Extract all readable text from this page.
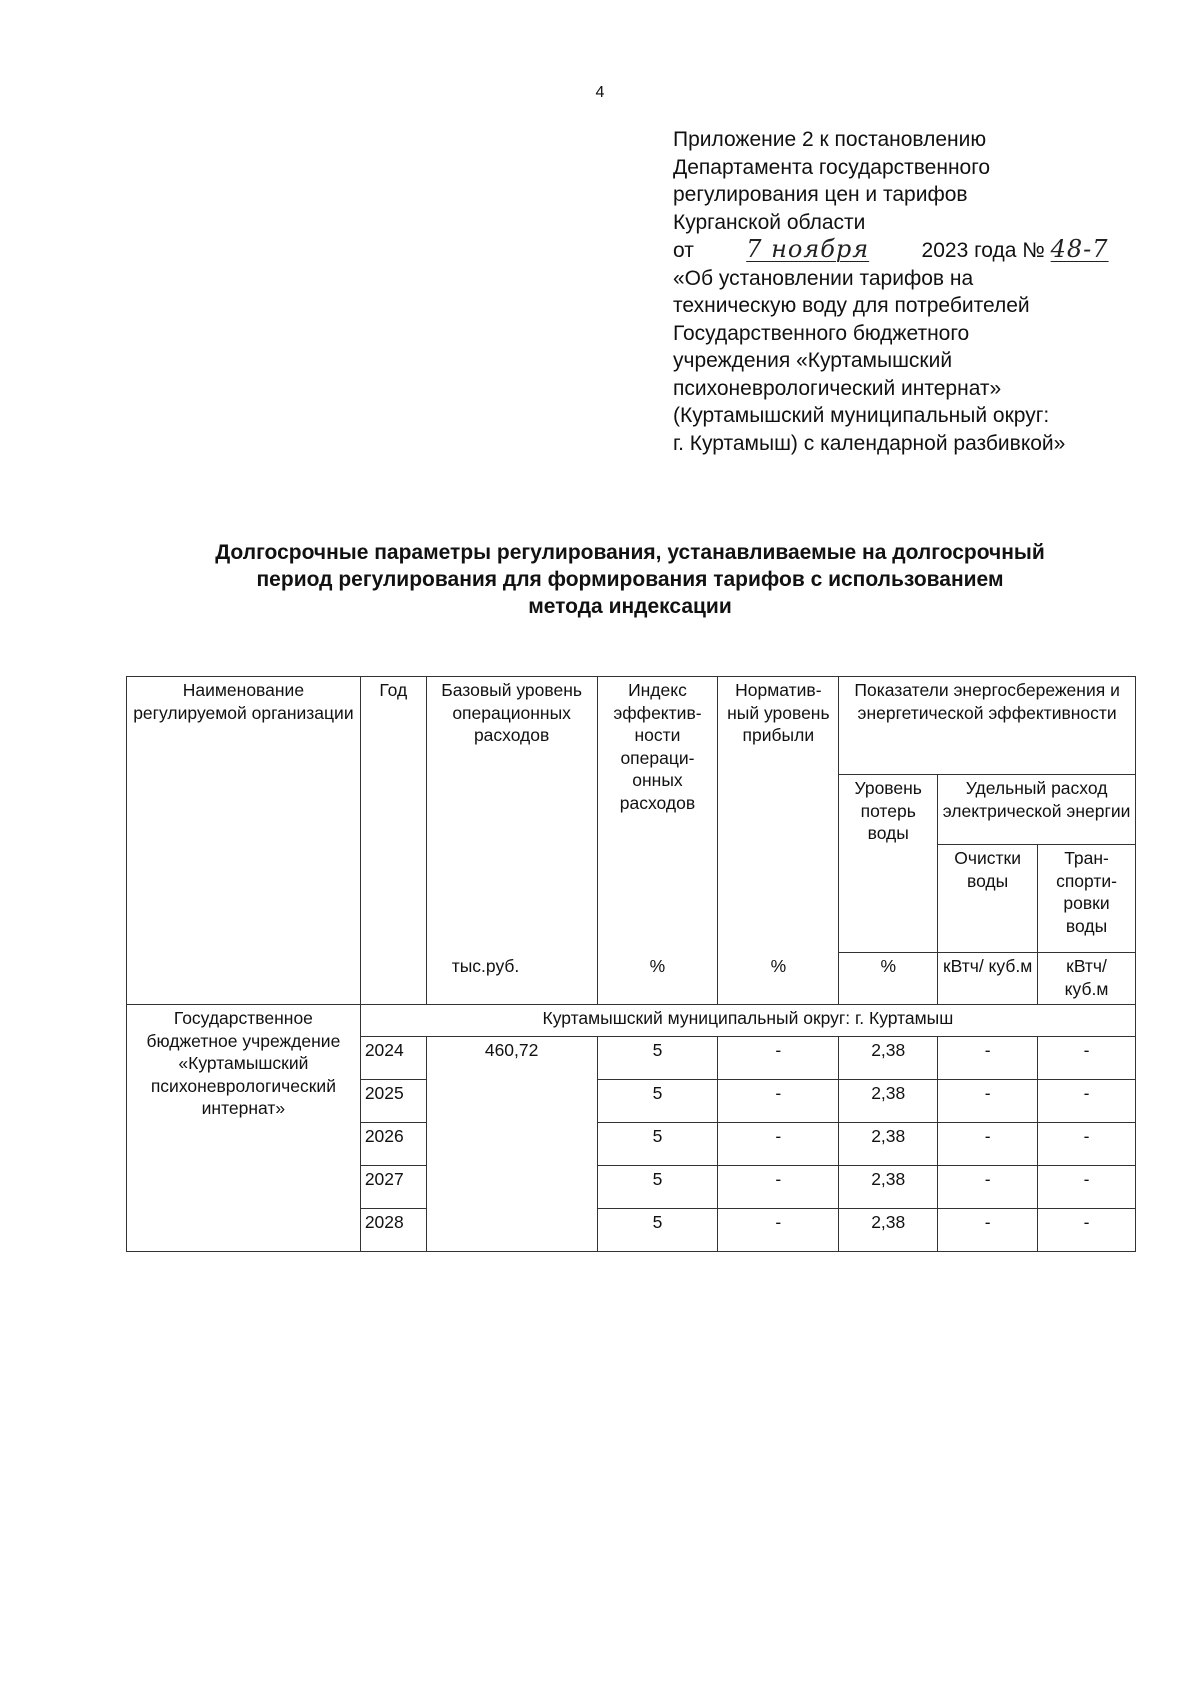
4
Приложение 2 к постановлению
Департамента государственного
регулирования цен и тарифов
Курганской области
от 7 ноября 2023 года № 48-7
«Об установлении тарифов на
техническую воду для потребителей
Государственного бюджетного
учреждения «Куртамышский
психоневрологический интернат»
(Куртамышский муниципальный округ:
г. Куртамыш) с календарной разбивкой»
Долгосрочные параметры регулирования, устанавливаемые на долгосрочный
период регулирования для формирования тарифов с использованием
метода индексации
Наименование регулируемой организации	Год	Базовый уровень операционных расходов	Индекс эффектив-ности операци-онных расходов	Норматив-ный уровень прибыли	Показатели энергосбережения и энергетической эффективности		
					Уровень потерь воды	Удельный расход электрической энергии	
						Очистки воды	Тран-спорти-ровки воды
		тыс.руб.	%	%	%	кВтч/ куб.м	кВтч/ куб.м
Государственное бюджетное учреждение «Куртамышский психоневрологический интернат»	Куртамышский муниципальный округ: г. Куртамыш						
	2024	460,72	5	-	2,38	-	-
	2025		5	-	2,38	-	-
	2026		5	-	2,38	-	-
	2027		5	-	2,38	-	-
	2028		5	-	2,38	-	-
